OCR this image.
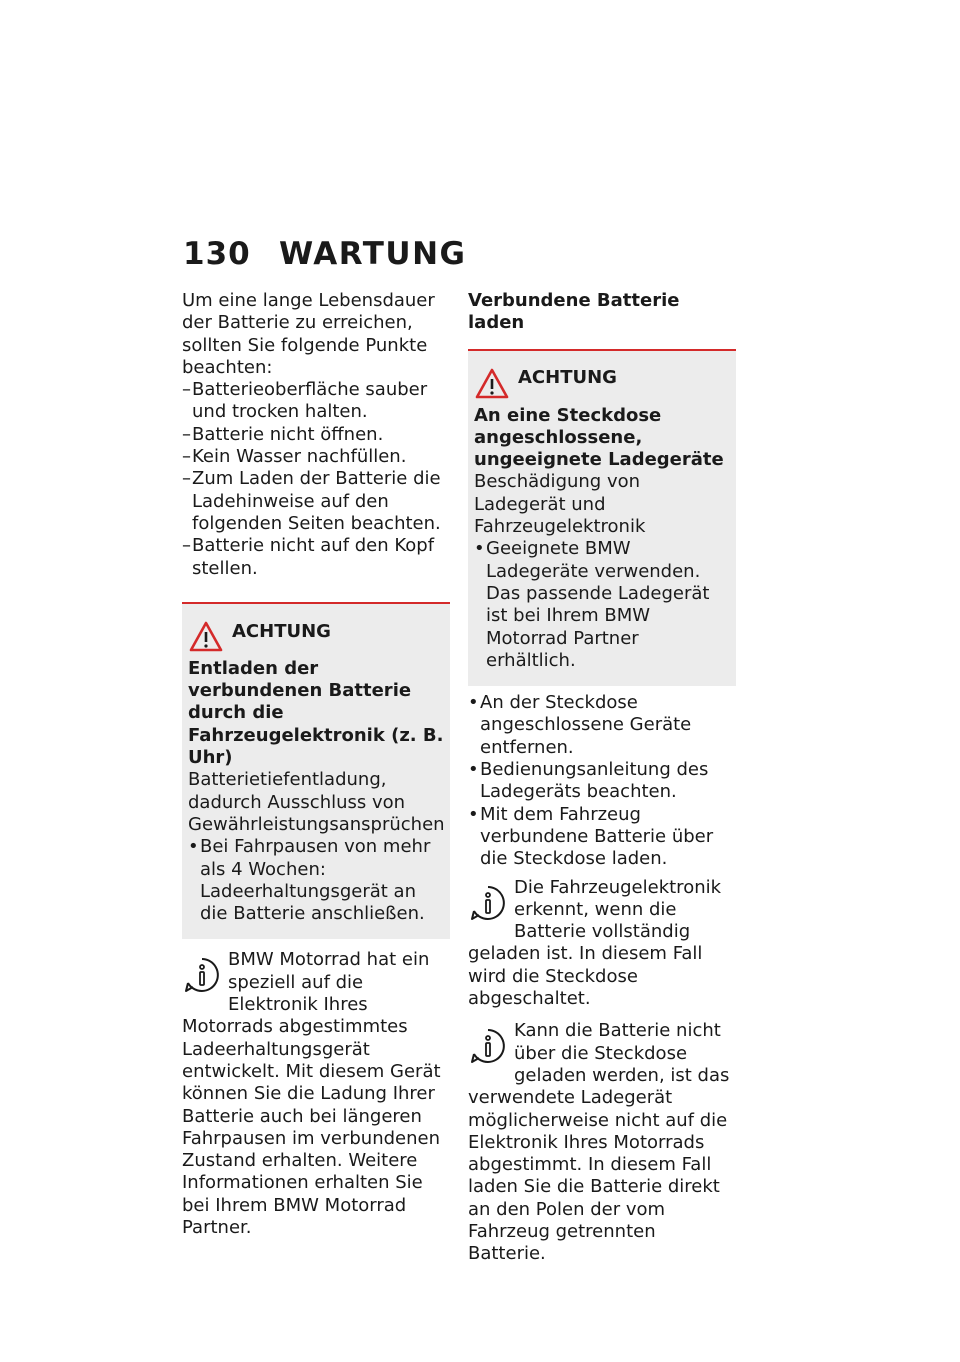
130 WARTUNG

Um eine lange Lebensdauer der Batterie zu erreichen, sollten Sie folgende Punkte beachten:

– Batterieoberfläche sauber und trocken halten.
– Batterie nicht öffnen.
– Kein Wasser nachfüllen.
– Zum Laden der Batterie die Ladehinweise auf den folgenden Seiten beachten.
– Batterie nicht auf den Kopf stellen.
ACHTUNG

Entladen der verbundenen Batterie durch die Fahrzeugelektronik (z. B. Uhr)

Batterietiefentladung, dadurch Ausschluss von Gewährleistungsansprüchen

• Bei Fahrpausen von mehr als 4 Wochen: Ladeerhaltungsgerät an die Batterie anschließen.

BMW Motorrad hat ein speziell auf die Elektronik Ihres Motorrads abgestimmtes Ladeerhaltungsgerät entwickelt. Mit diesem Gerät können Sie die Ladung Ihrer Batterie auch bei längeren Fahrpausen im verbundenen Zustand erhalten. Weitere Informationen erhalten Sie bei Ihrem BMW Motorrad Partner.

Verbundene Batterie laden

ACHTUNG

An eine Steckdose angeschlossene, ungeeignete Ladegeräte

Beschädigung von Ladegerät und Fahrzeugelektronik

• Geeignete BMW Ladegeräte verwenden. Das passende Ladegerät ist bei Ihrem BMW Motorrad Partner erhältlich.
• An der Steckdose angeschlossene Geräte entfernen.
• Bedienungsanleitung des Ladegeräts beachten.
• Mit dem Fahrzeug verbundene Batterie über die Steckdose laden.

Die Fahrzeugelektronik erkennt, wenn die Batterie vollständig geladen ist. In diesem Fall wird die Steckdose abgeschaltet.

Kann die Batterie nicht über die Steckdose geladen werden, ist das verwendete Ladegerät möglicherweise nicht auf die Elektronik Ihres Motorrads abgestimmt. In diesem Fall laden Sie die Batterie direkt an den Polen der vom Fahrzeug getrennten Batterie.
